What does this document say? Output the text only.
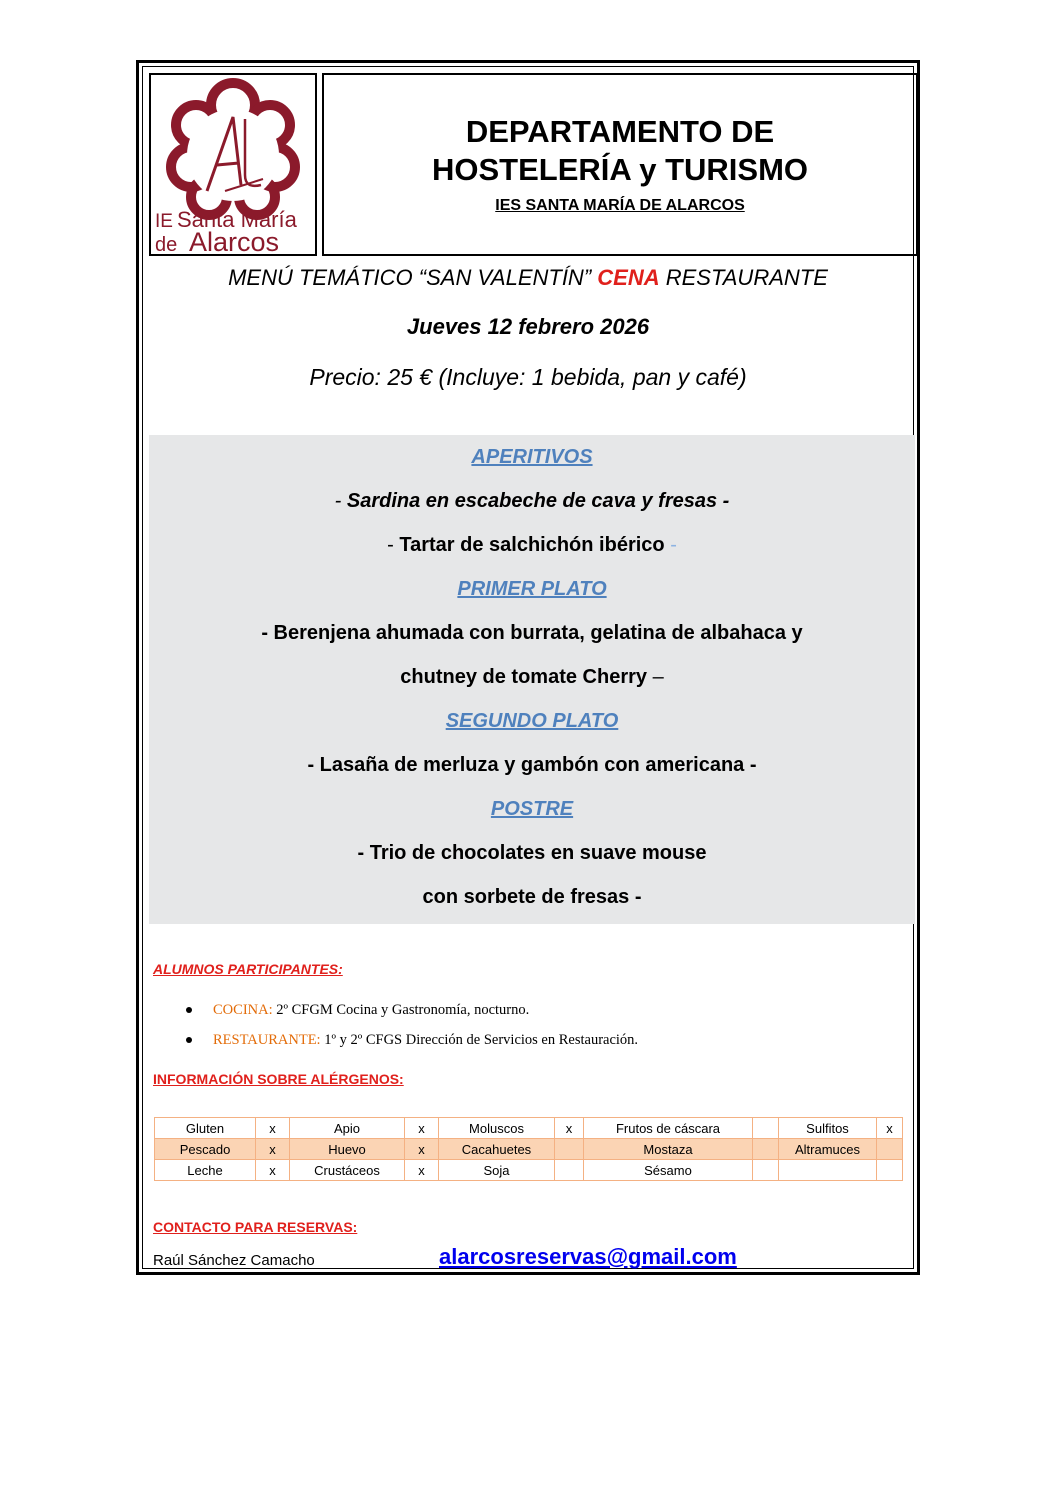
IE Santa María
de Alarcos
DEPARTAMENTO DE
HOSTELERÍA y TURISMO
IES SANTA MARÍA DE ALARCOS
MENÚ TEMÁTICO “SAN VALENTÍN” CENA RESTAURANTE
Jueves 12 febrero 2026
Precio: 25 € (Incluye: 1 bebida, pan y café)
APERITIVOS
- Sardina en escabeche de cava y fresas -
- Tartar de salchichón ibérico -
PRIMER PLATO
- Berenjena ahumada con burrata, gelatina de albahaca y
chutney de tomate Cherry –
SEGUNDO PLATO
- Lasaña de merluza y gambón con americana -
POSTRE
- Trio de chocolates en suave mouse
con sorbete de fresas -
ALUMNOS PARTICIPANTES:
COCINA: 2º CFGM Cocina y Gastronomía, nocturno.
RESTAURANTE: 1º y 2º CFGS Dirección de Servicios en Restauración.
INFORMACIÓN SOBRE ALÉRGENOS:
Gluten	x	Apio	x	Moluscos	x	Frutos de cáscara		Sulfitos	x
Pescado	x	Huevo	x	Cacahuetes		Mostaza		Altramuces	
Leche	x	Crustáceos	x	Soja		Sésamo			
CONTACTO PARA RESERVAS:
Raúl Sánchez Camacho	alarcosreservas@gmail.com
